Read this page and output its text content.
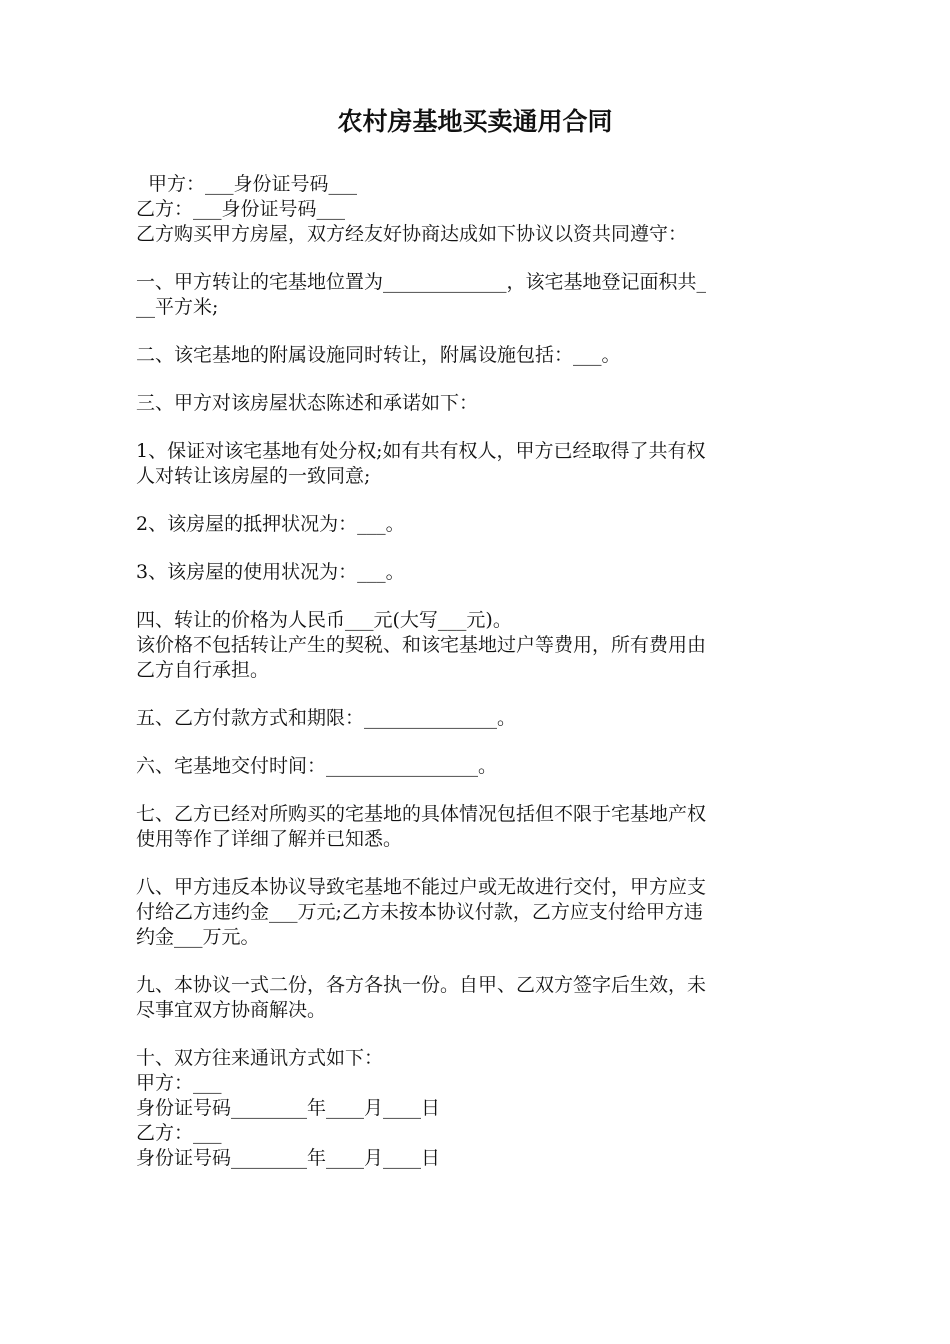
农村房基地买卖通用合同
甲方：___身份证号码___
乙方：___身份证号码___
乙方购买甲方房屋，双方经友好协商达成如下协议以资共同遵守：
一、甲方转让的宅基地位置为_____________，该宅基地登记面积共_
__平方米;
二、该宅基地的附属设施同时转让，附属设施包括：___。
三、甲方对该房屋状态陈述和承诺如下：
1、保证对该宅基地有处分权;如有共有权人，甲方已经取得了共有权
人对转让该房屋的一致同意;
2、该房屋的抵押状况为：___。
3、该房屋的使用状况为：___。
四、转让的价格为人民币___元(大写___元)。
该价格不包括转让产生的契税、和该宅基地过户等费用，所有费用由
乙方自行承担。
五、乙方付款方式和期限：______________。
六、宅基地交付时间：________________。
七、乙方已经对所购买的宅基地的具体情况包括但不限于宅基地产权
使用等作了详细了解并已知悉。
八、甲方违反本协议导致宅基地不能过户或无故进行交付，甲方应支
付给乙方违约金___万元;乙方未按本协议付款，乙方应支付给甲方违
约金___万元。
九、本协议一式二份，各方各执一份。自甲、乙双方签字后生效，未
尽事宜双方协商解决。
十、双方往来通讯方式如下：
甲方：___
身份证号码________年____月____日
乙方：___
身份证号码________年____月____日
